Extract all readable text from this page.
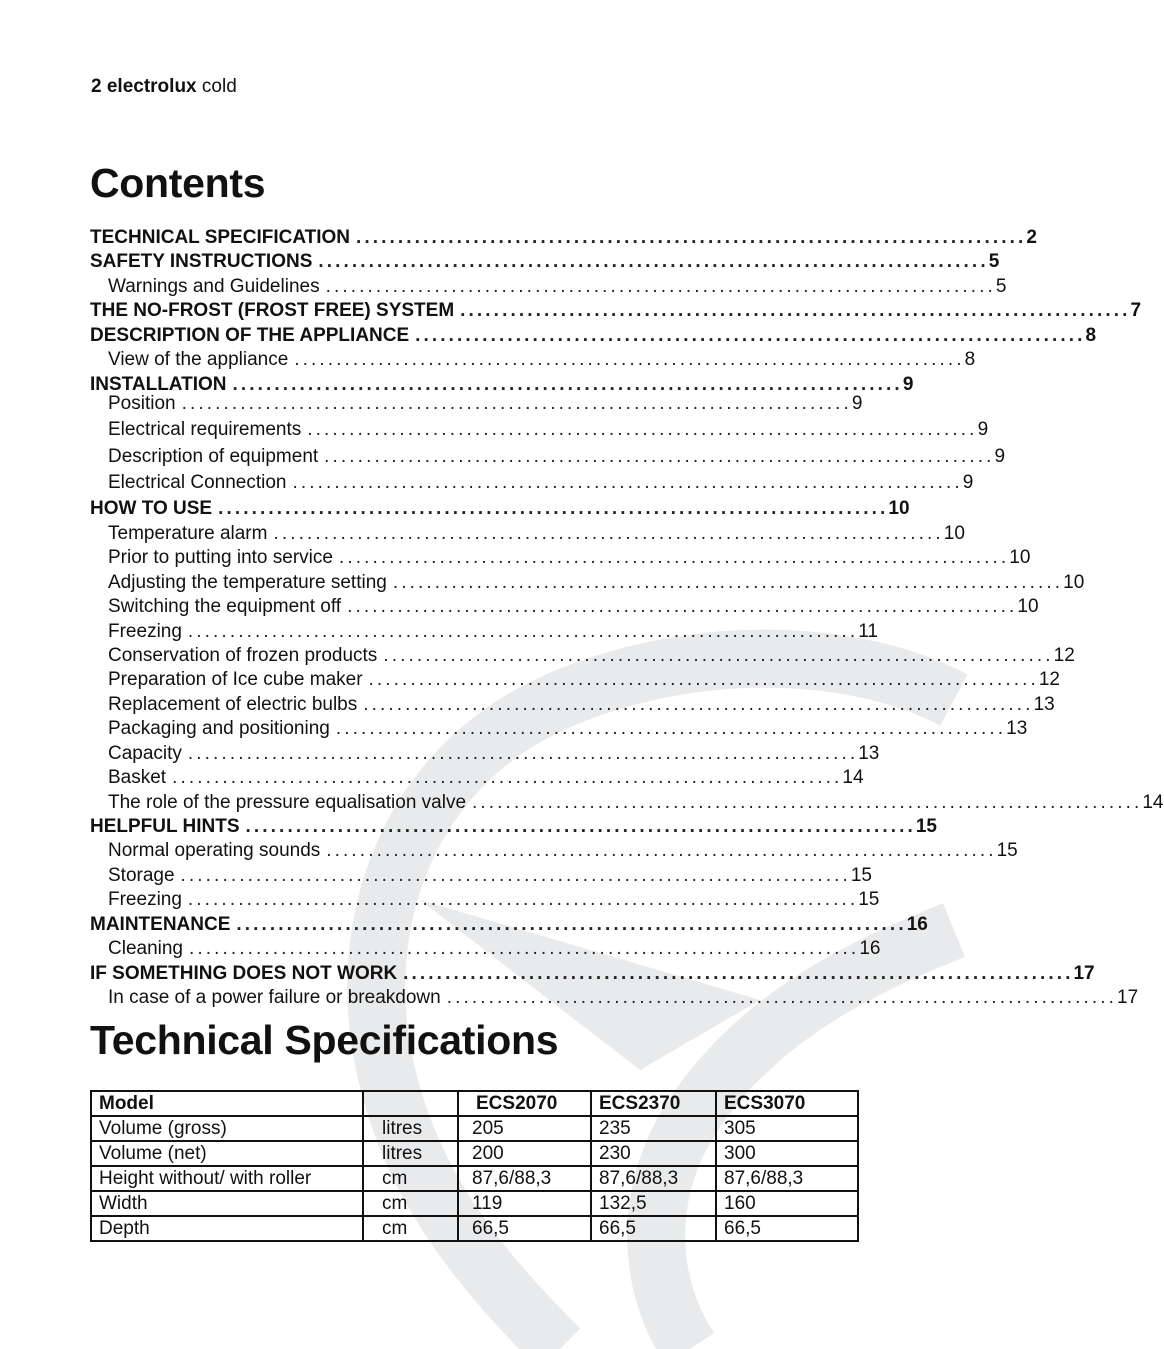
2 electrolux cold
Contents
TECHNICAL SPECIFICATION ................................................................................ 2
SAFETY INSTRUCTIONS ................................................................................ 5
Warnings and Guidelines ................................................................................ 5
THE NO-FROST (FROST FREE) SYSTEM ................................................................................ 7
DESCRIPTION OF THE APPLIANCE ................................................................................ 8
View of the appliance ................................................................................ 8
INSTALLATION ................................................................................ 9
Position ................................................................................ 9
Electrical requirements ................................................................................ 9
Description of equipment ................................................................................ 9
Electrical Connection ................................................................................ 9
HOW TO USE ................................................................................ 10
Temperature alarm ................................................................................ 10
Prior to putting into service ................................................................................ 10
Adjusting the temperature setting ................................................................................ 10
Switching the equipment off ................................................................................ 10
Freezing ................................................................................ 11
Conservation of frozen products ................................................................................ 12
Preparation of Ice cube maker ................................................................................ 12
Replacement of electric bulbs ................................................................................ 13
Packaging and positioning ................................................................................ 13
Capacity ................................................................................ 13
Basket ................................................................................ 14
The role of the pressure equalisation valve ................................................................................ 14
HELPFUL HINTS ................................................................................ 15
Normal operating sounds ................................................................................ 15
Storage ................................................................................ 15
Freezing ................................................................................ 15
MAINTENANCE ................................................................................ 16
Cleaning ................................................................................ 16
IF SOMETHING DOES NOT WORK ................................................................................ 17
In case of a power failure or breakdown ................................................................................ 17
Technical Specifications
Model		ECS2070	ECS2370	ECS3070
Volume (gross)	litres	205	235	305
Volume (net)	litres	200	230	300
Height without/ with roller	cm	87,6/88,3	87,6/88,3	87,6/88,3
Width	cm	119	132,5	160
Depth	cm	66,5	66,5	66,5
